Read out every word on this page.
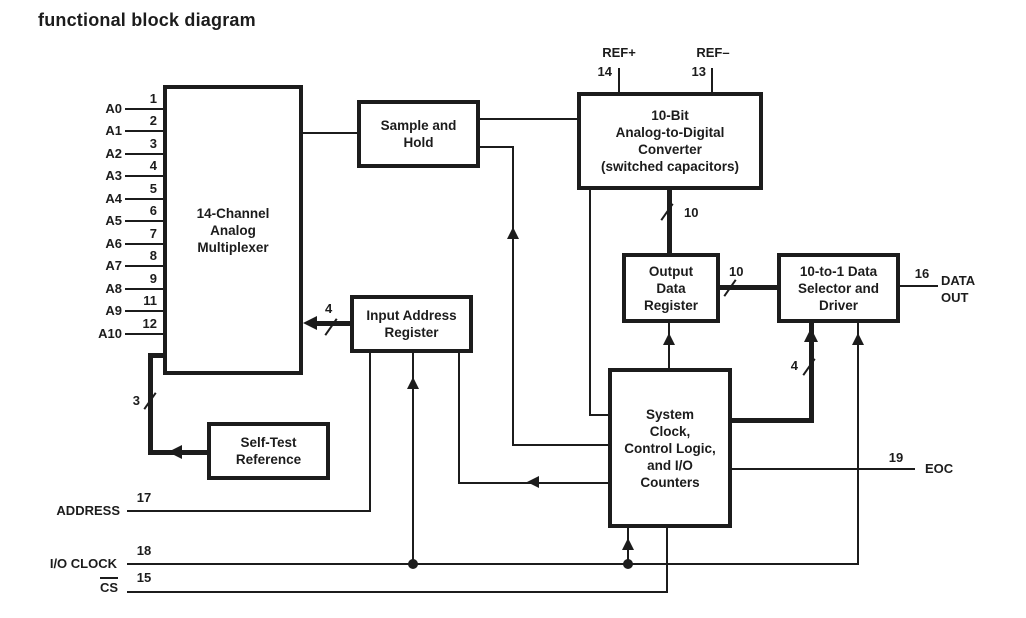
functional block diagram
A0
1
A1
2
A2
3
A3
4
A4
5
A5
6
A6
7
A7
8
A8
9
A9
11
A10
12
14-Channel
Analog
Multiplexer
Sample and
Hold
10-Bit
Analog-to-Digital
Converter
(switched capacitors)
Output
Data
Register
10-to-1 Data
Selector and
Driver
Input Address
Register
Self-Test
Reference
System
Clock,
Control Logic,
and I/O
Counters
10
10
4
3
4
REF+
14
REF–
13
16 DATA
OUT
19
EOC
ADDRESS
17
I/O CLOCK
18
CS
15
